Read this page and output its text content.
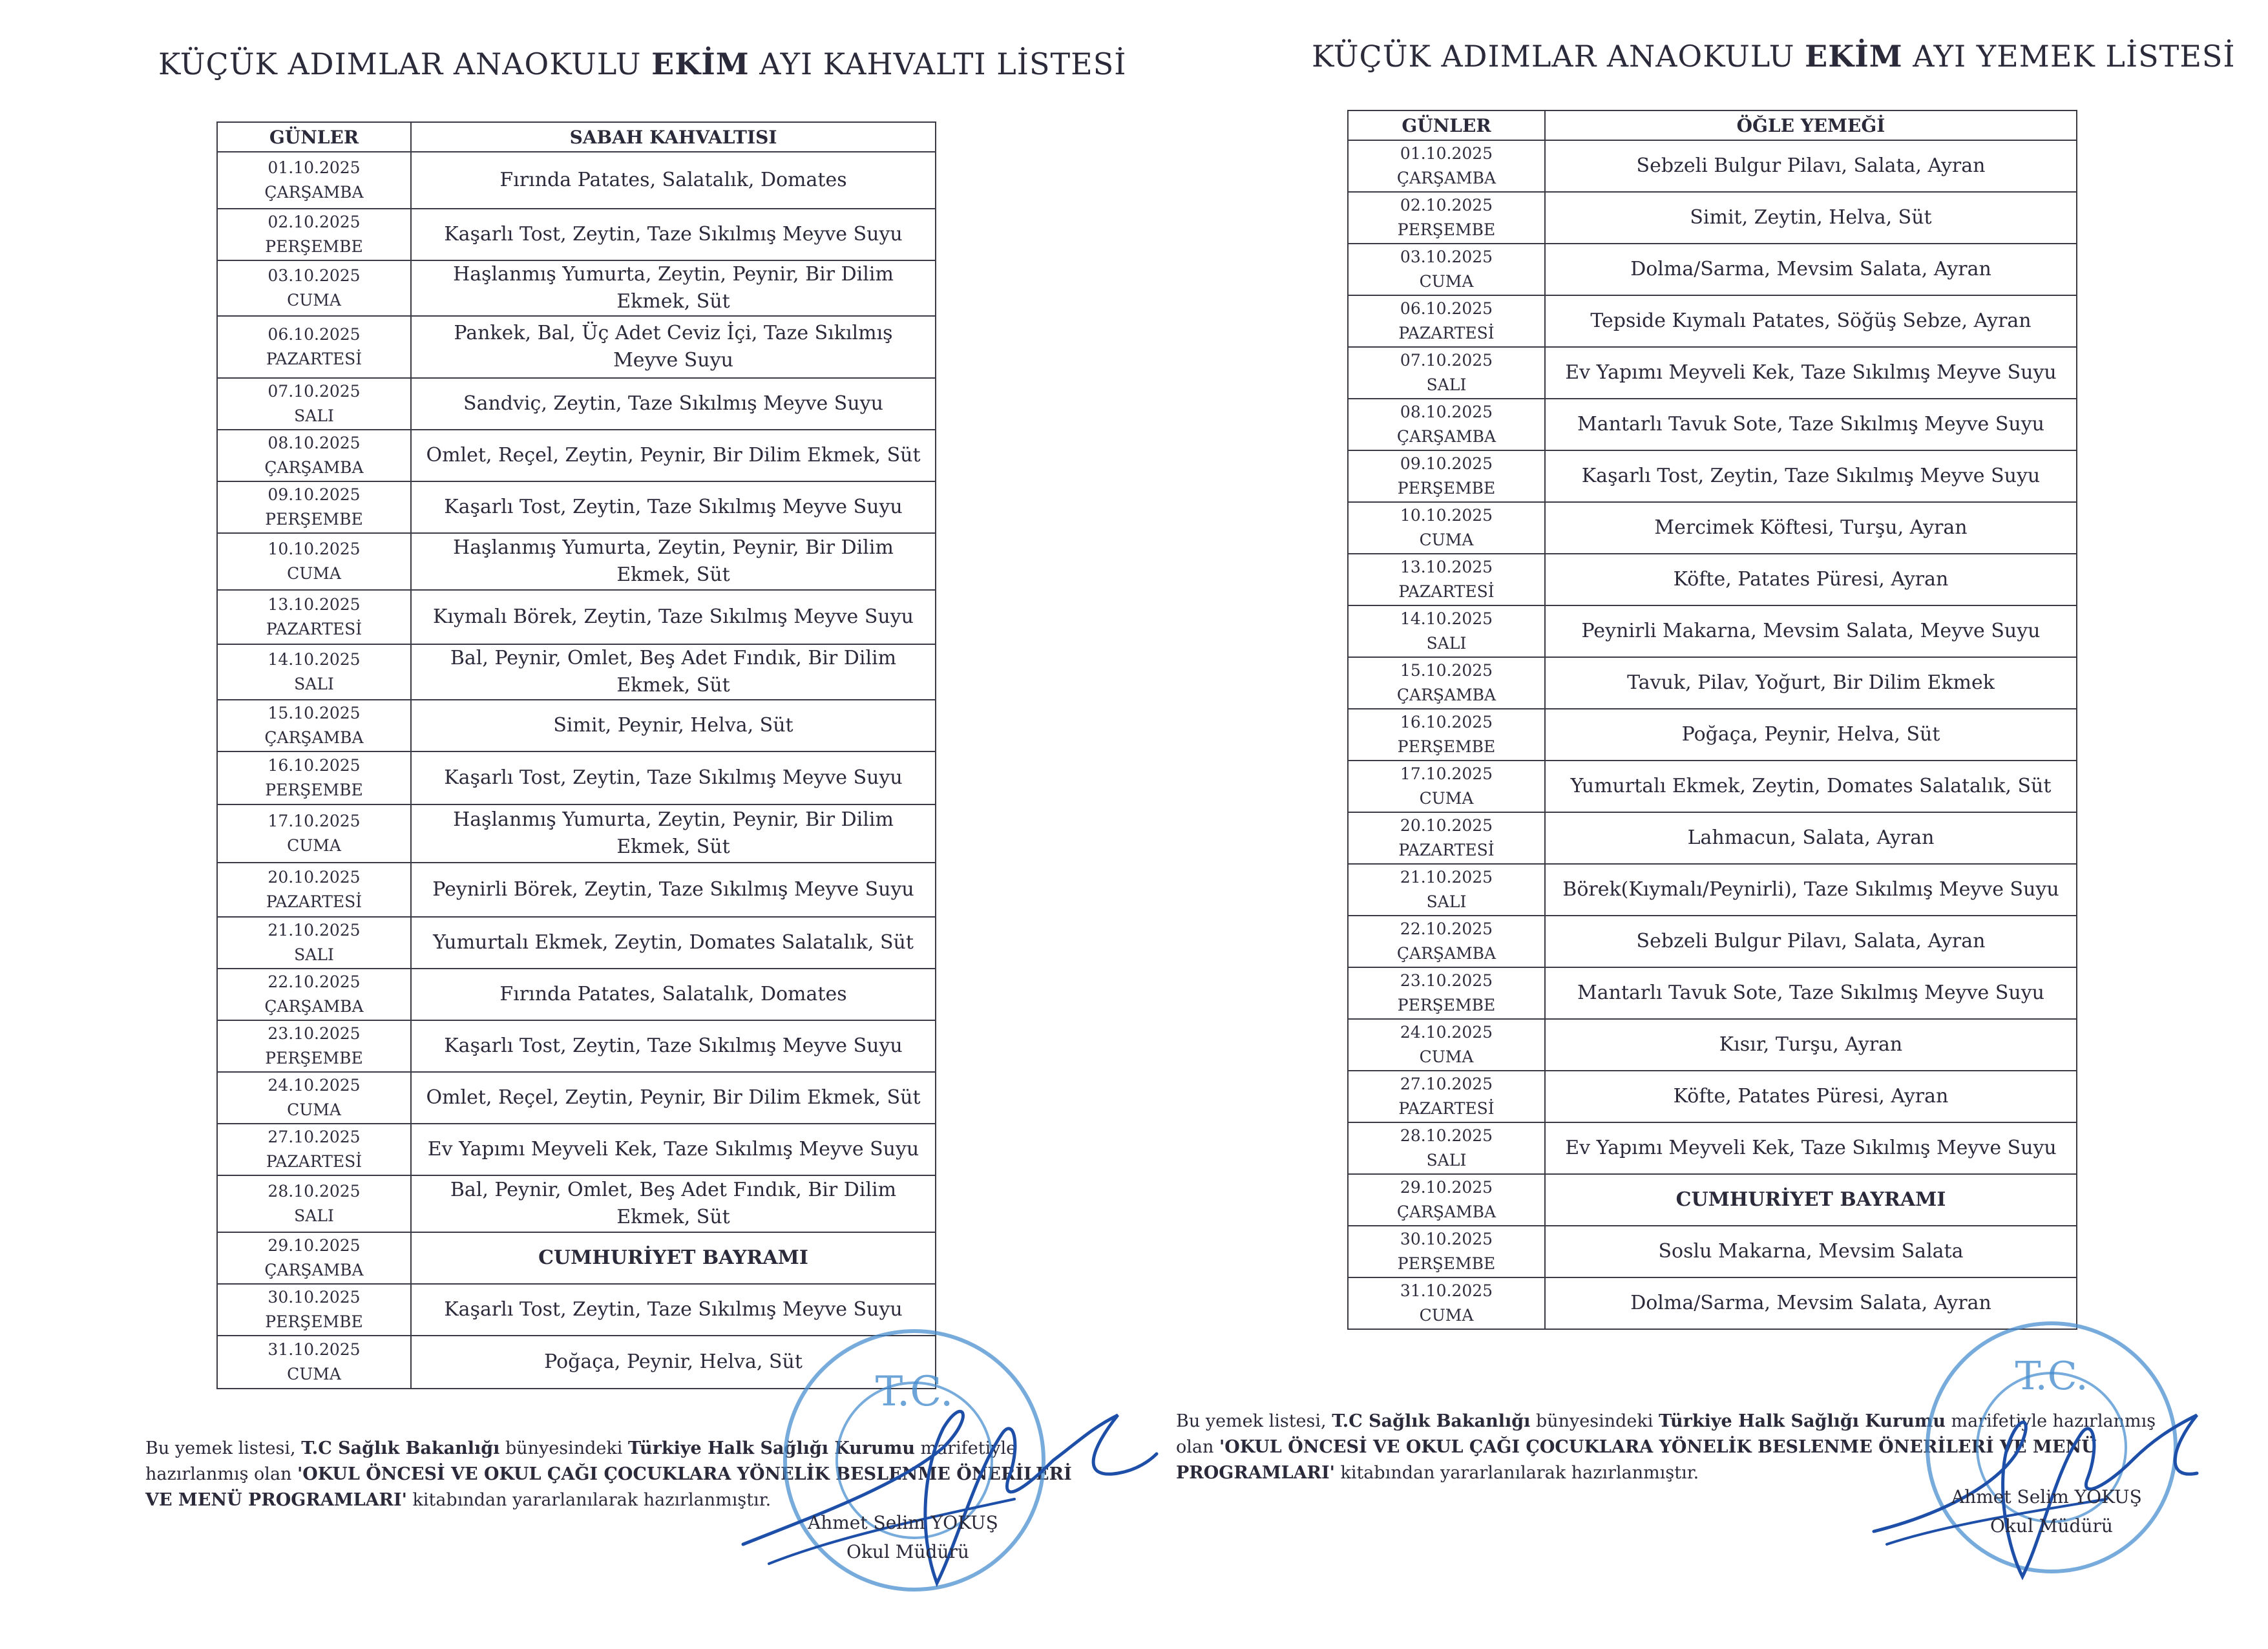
KÜÇÜK ADIMLAR ANAOKULU EKİM AYI KAHVALTI LİSTESİ
GÜNLER	SABAH KAHVALTISI

01.10.2025
ÇARŞAMBA	Fırında Patates, Salatalık, Domates

02.10.2025
PERŞEMBE	Kaşarlı Tost, Zeytin, Taze Sıkılmış Meyve Suyu

03.10.2025
CUMA	Haşlanmış Yumurta, Zeytin, Peynir, Bir Dilim Ekmek, Süt

06.10.2025
PAZARTESİ	Pankek, Bal, Üç Adet Ceviz İçi, Taze Sıkılmış Meyve Suyu

07.10.2025
SALI	Sandviç, Zeytin, Taze Sıkılmış Meyve Suyu

08.10.2025
ÇARŞAMBA	Omlet, Reçel, Zeytin, Peynir, Bir Dilim Ekmek, Süt

09.10.2025
PERŞEMBE	Kaşarlı Tost, Zeytin, Taze Sıkılmış Meyve Suyu

10.10.2025
CUMA	Haşlanmış Yumurta, Zeytin, Peynir, Bir Dilim Ekmek, Süt

13.10.2025
PAZARTESİ	Kıymalı Börek, Zeytin, Taze Sıkılmış Meyve Suyu

14.10.2025
SALI	Bal, Peynir, Omlet, Beş Adet Fındık, Bir Dilim Ekmek, Süt

15.10.2025
ÇARŞAMBA	Simit, Peynir, Helva, Süt

16.10.2025
PERŞEMBE	Kaşarlı Tost, Zeytin, Taze Sıkılmış Meyve Suyu

17.10.2025
CUMA	Haşlanmış Yumurta, Zeytin, Peynir, Bir Dilim Ekmek, Süt

20.10.2025
PAZARTESİ	Peynirli Börek, Zeytin, Taze Sıkılmış Meyve Suyu

21.10.2025
SALI	Yumurtalı Ekmek, Zeytin, Domates Salatalık, Süt

22.10.2025
ÇARŞAMBA	Fırında Patates, Salatalık, Domates

23.10.2025
PERŞEMBE	Kaşarlı Tost, Zeytin, Taze Sıkılmış Meyve Suyu

24.10.2025
CUMA	Omlet, Reçel, Zeytin, Peynir, Bir Dilim Ekmek, Süt

27.10.2025
PAZARTESİ	Ev Yapımı Meyveli Kek, Taze Sıkılmış Meyve Suyu

28.10.2025
SALI	Bal, Peynir, Omlet, Beş Adet Fındık, Bir Dilim Ekmek, Süt

29.10.2025
ÇARŞAMBA	CUMHURİYET BAYRAMI

30.10.2025
PERŞEMBE	Kaşarlı Tost, Zeytin, Taze Sıkılmış Meyve Suyu

31.10.2025
CUMA	Poğaça, Peynir, Helva, Süt
Bu yemek listesi, T.C Sağlık Bakanlığı bünyesindeki Türkiye Halk Sağlığı Kurumu marifetiyle hazırlanmış olan 'OKUL ÖNCESİ VE OKUL ÇAĞI ÇOCUKLARA YÖNELİK BESLENME ÖNERİLERİ VE MENÜ PROGRAMLARI' kitabından yararlanılarak hazırlanmıştır.
T.C.
Ahmet Selim YOKUŞ
Okul Müdürü
KÜÇÜK ADIMLAR ANAOKULU EKİM AYI YEMEK LİSTESİ
GÜNLER	ÖĞLE YEMEĞİ

01.10.2025
ÇARŞAMBA	Sebzeli Bulgur Pilavı, Salata, Ayran

02.10.2025
PERŞEMBE	Simit, Zeytin, Helva, Süt

03.10.2025
CUMA	Dolma/Sarma, Mevsim Salata, Ayran

06.10.2025
PAZARTESİ	Tepside Kıymalı Patates, Söğüş Sebze, Ayran

07.10.2025
SALI	Ev Yapımı Meyveli Kek, Taze Sıkılmış Meyve Suyu

08.10.2025
ÇARŞAMBA	Mantarlı Tavuk Sote, Taze Sıkılmış Meyve Suyu

09.10.2025
PERŞEMBE	Kaşarlı Tost, Zeytin, Taze Sıkılmış Meyve Suyu

10.10.2025
CUMA	Mercimek Köftesi, Turşu, Ayran

13.10.2025
PAZARTESİ	Köfte, Patates Püresi, Ayran

14.10.2025
SALI	Peynirli Makarna, Mevsim Salata, Meyve Suyu

15.10.2025
ÇARŞAMBA	Tavuk, Pilav, Yoğurt, Bir Dilim Ekmek

16.10.2025
PERŞEMBE	Poğaça, Peynir, Helva, Süt

17.10.2025
CUMA	Yumurtalı Ekmek, Zeytin, Domates Salatalık, Süt

20.10.2025
PAZARTESİ	Lahmacun, Salata, Ayran

21.10.2025
SALI	Börek(Kıymalı/Peynirli), Taze Sıkılmış Meyve Suyu

22.10.2025
ÇARŞAMBA	Sebzeli Bulgur Pilavı, Salata, Ayran

23.10.2025
PERŞEMBE	Mantarlı Tavuk Sote, Taze Sıkılmış Meyve Suyu

24.10.2025
CUMA	Kısır, Turşu, Ayran

27.10.2025
PAZARTESİ	Köfte, Patates Püresi, Ayran

28.10.2025
SALI	Ev Yapımı Meyveli Kek, Taze Sıkılmış Meyve Suyu

29.10.2025
ÇARŞAMBA	CUMHURİYET BAYRAMI

30.10.2025
PERŞEMBE	Soslu Makarna, Mevsim Salata

31.10.2025
CUMA	Dolma/Sarma, Mevsim Salata, Ayran
Bu yemek listesi, T.C Sağlık Bakanlığı bünyesindeki Türkiye Halk Sağlığı Kurumu marifetiyle hazırlanmış olan 'OKUL ÖNCESİ VE OKUL ÇAĞI ÇOCUKLARA YÖNELİK BESLENME ÖNERİLERİ VE MENÜ PROGRAMLARI' kitabından yararlanılarak hazırlanmıştır.
T.C.
Ahmet Selim YOKUŞ
Okul Müdürü
